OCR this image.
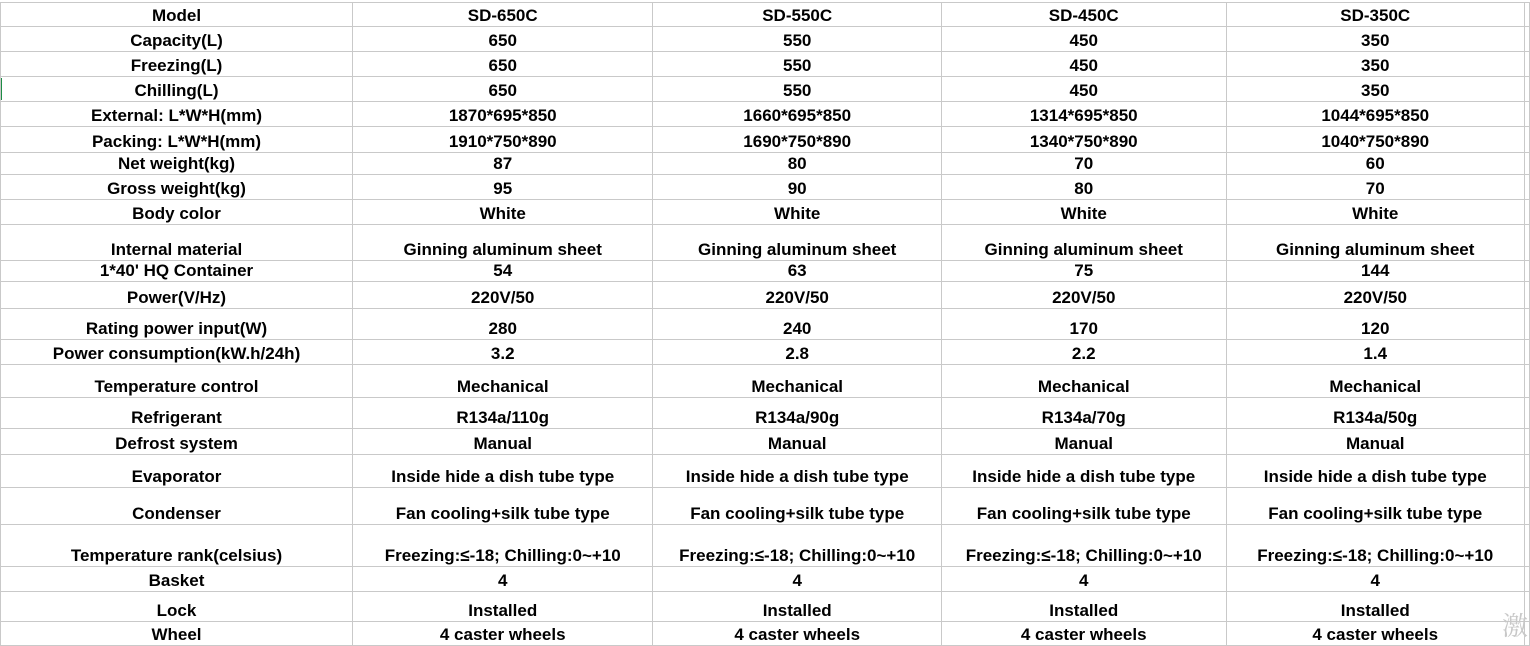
Model	SD-650C	SD-550C	SD-450C	SD-350C	
Capacity(L)	650	550	450	350	
Freezing(L)	650	550	450	350	
Chilling(L)	650	550	450	350	
External: L*W*H(mm)	1870*695*850	1660*695*850	1314*695*850	1044*695*850	
Packing: L*W*H(mm)	1910*750*890	1690*750*890	1340*750*890	1040*750*890	
Net weight(kg)	87	80	70	60	
Gross weight(kg)	95	90	80	70	
Body color	White	White	White	White	
Internal material	Ginning aluminum sheet	Ginning aluminum sheet	Ginning aluminum sheet	Ginning aluminum sheet	
1*40' HQ Container	54	63	75	144	
Power(V/Hz)	220V/50	220V/50	220V/50	220V/50	
Rating power input(W)	280	240	170	120	
Power consumption(kW.h/24h)	3.2	2.8	2.2	1.4	
Temperature control	Mechanical	Mechanical	Mechanical	Mechanical	
Refrigerant	R134a/110g	R134a/90g	R134a/70g	R134a/50g	
Defrost system	Manual	Manual	Manual	Manual	
Evaporator	Inside hide a dish tube type	Inside hide a dish tube type	Inside hide a dish tube type	Inside hide a dish tube type	
Condenser	Fan cooling+silk tube type	Fan cooling+silk tube type	Fan cooling+silk tube type	Fan cooling+silk tube type	
Temperature rank(celsius)	Freezing:≤-18; Chilling:0~+10	Freezing:≤-18; Chilling:0~+10	Freezing:≤-18; Chilling:0~+10	Freezing:≤-18; Chilling:0~+10	
Basket	4	4	4	4	
Lock	Installed	Installed	Installed	Installed	
Wheel	4 caster wheels	4 caster wheels	4 caster wheels	4 caster wheels	激
